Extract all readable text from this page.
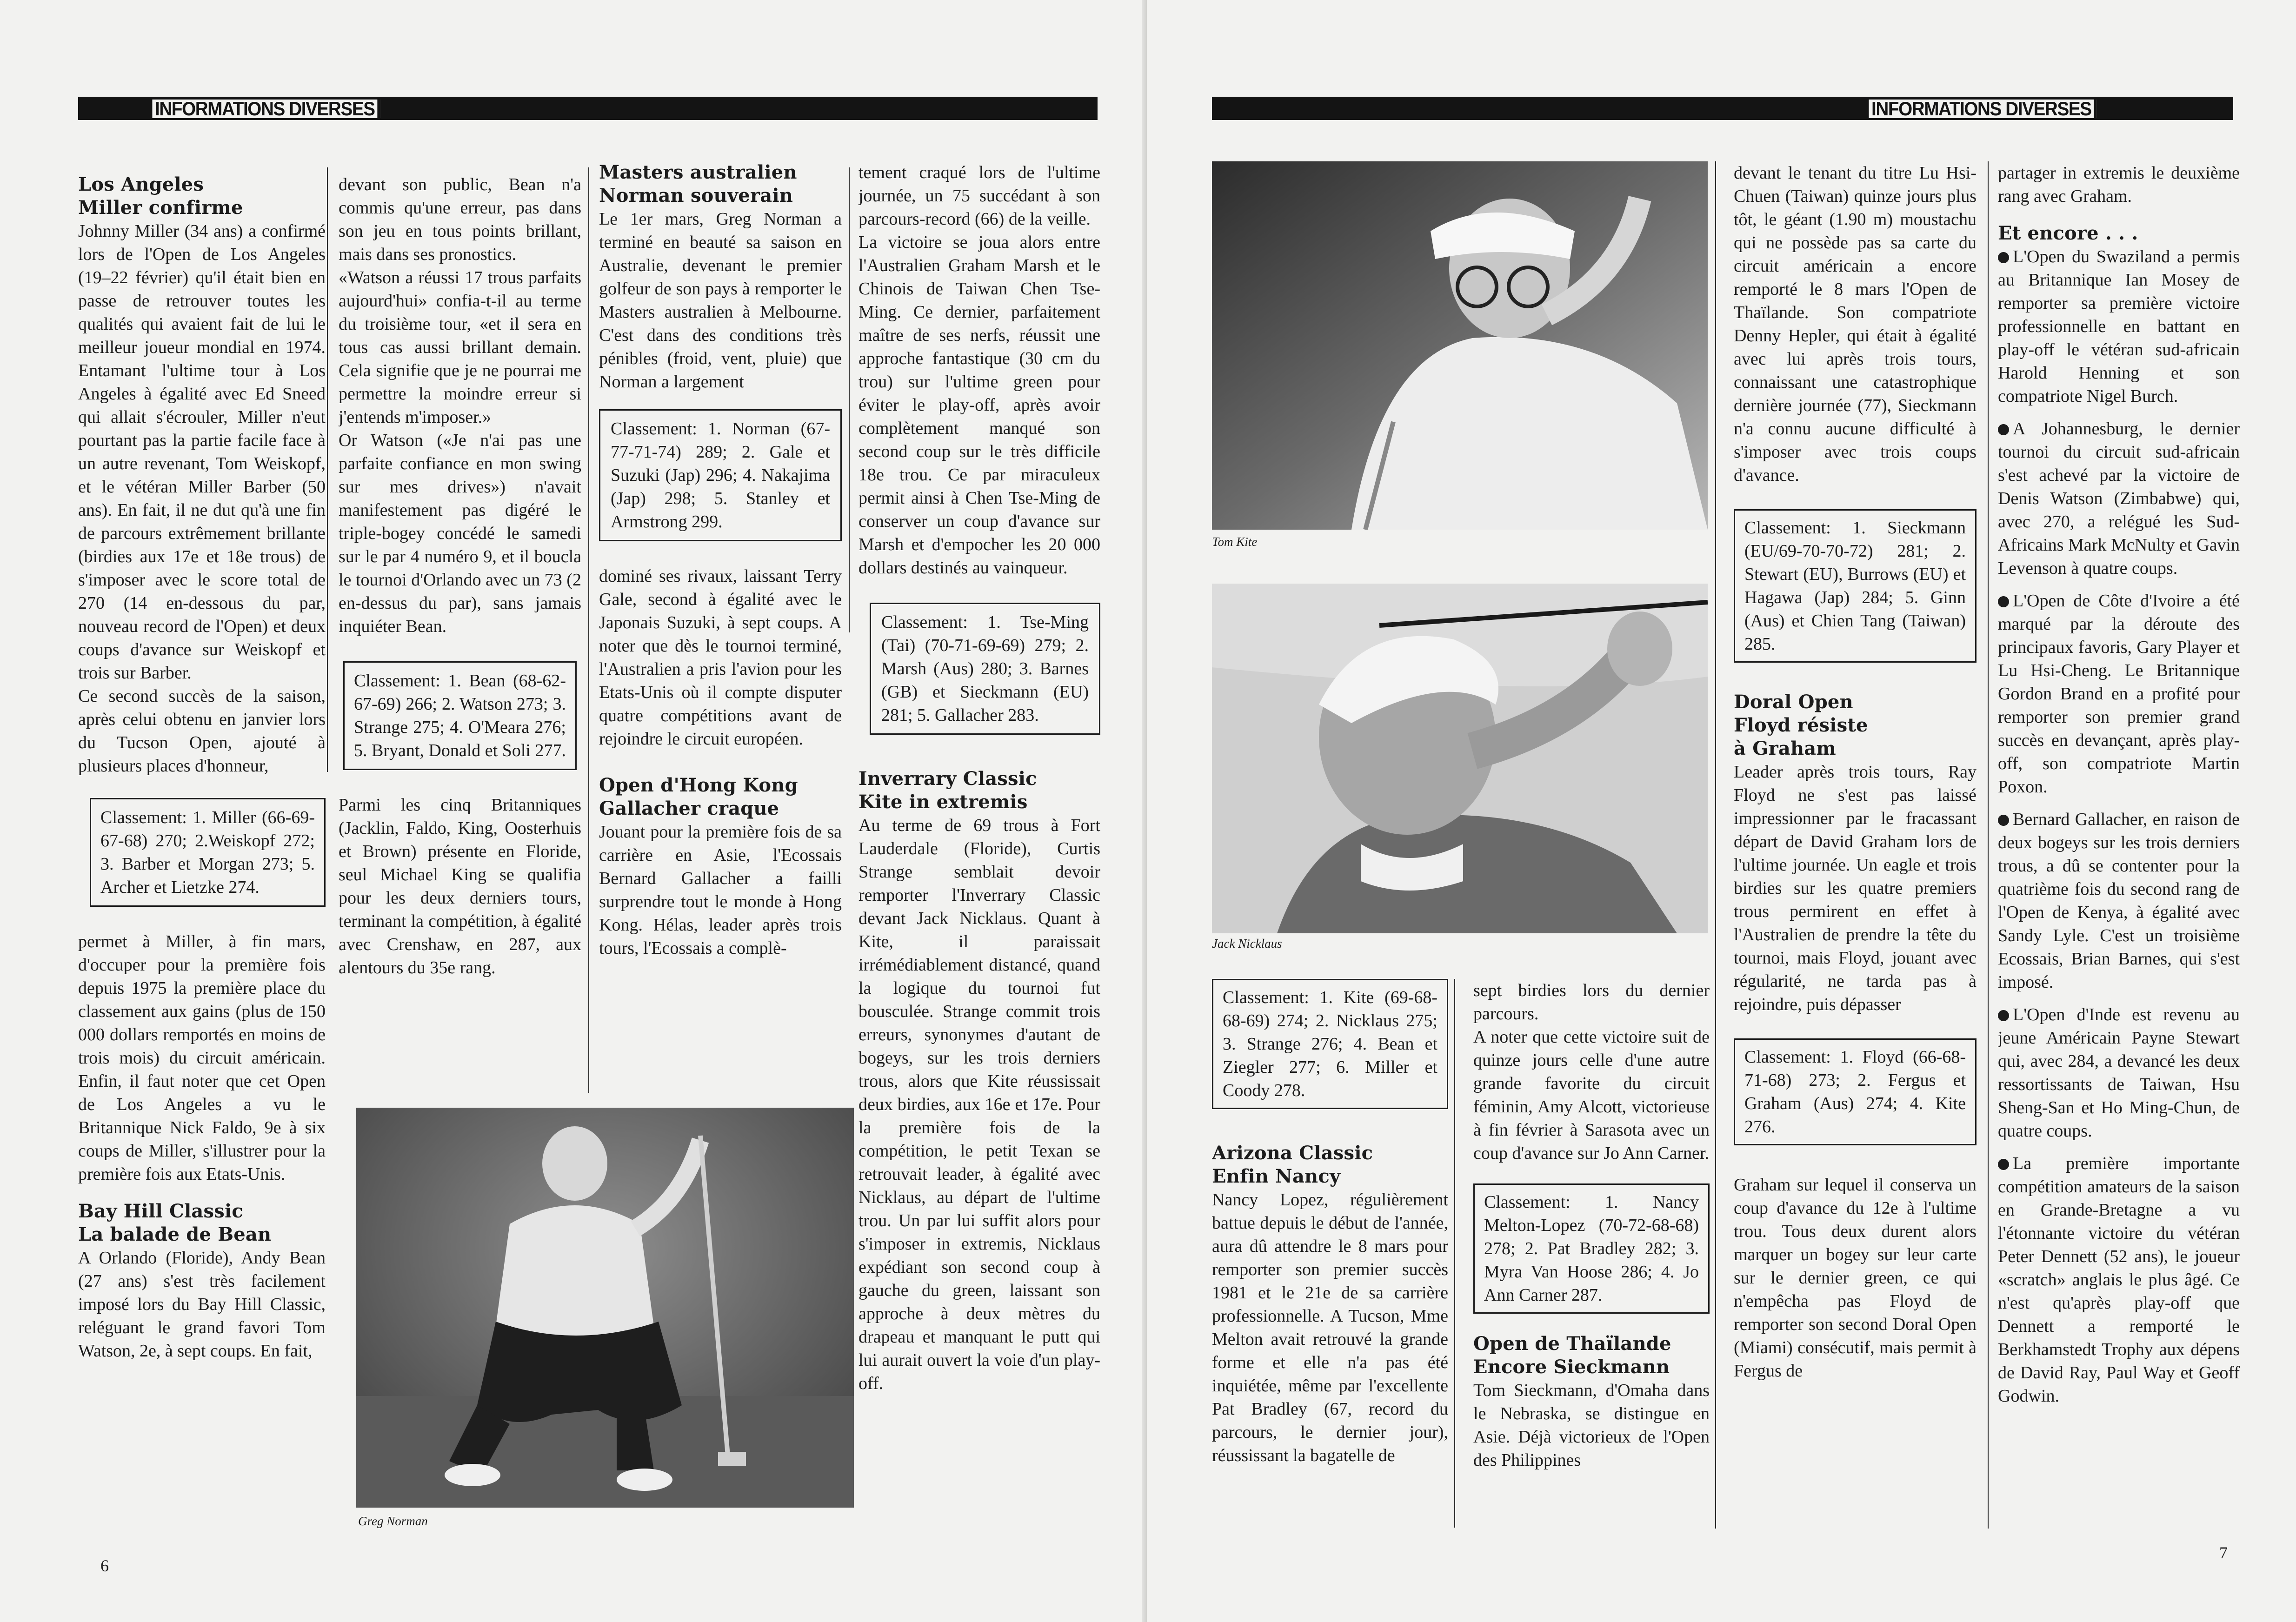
INFORMATIONS DIVERSES
Los Angeles
Miller confirme

Johnny Miller (34 ans) a confirmé lors de l'Open de Los Angeles (19–22 février) qu'il était bien en passe de retrouver toutes les qualités qui avaient fait de lui le meilleur joueur mondial en 1974. Entamant l'ultime tour à Los Angeles à égalité avec Ed Sneed qui allait s'écrouler, Miller n'eut pourtant pas la partie facile face à un autre revenant, Tom Weiskopf, et le vétéran Miller Barber (50 ans). En fait, il ne dut qu'à une fin de parcours extrêmement brillante (birdies aux 17e et 18e trous) de s'imposer avec le score total de 270 (14 en-dessous du par, nouveau record de l'Open) et deux coups d'avance sur Weiskopf et trois sur Barber.

Ce second succès de la saison, après celui obtenu en janvier lors du Tucson Open, ajouté à plusieurs places d'honneur,

Classement: 1. Miller (66-69-67-68) 270; 2.Weiskopf 272; 3. Barber et Morgan 273; 5. Archer et Lietzke 274.

permet à Miller, à fin mars, d'occuper pour la première fois depuis 1975 la première place du classement aux gains (plus de 150 000 dollars remportés en moins de trois mois) du circuit américain. Enfin, il faut noter que cet Open de Los Angeles a vu le Britannique Nick Faldo, 9e à six coups de Miller, s'illustrer pour la première fois aux Etats-Unis.

Bay Hill Classic
La balade de Bean

A Orlando (Floride), Andy Bean (27 ans) s'est très facilement imposé lors du Bay Hill Classic, reléguant le grand favori Tom Watson, 2e, à sept coups. En fait,

devant son public, Bean n'a commis qu'une erreur, pas dans son jeu en tous points brillant, mais dans ses pronostics.

«Watson a réussi 17 trous parfaits aujourd'hui» confia-t-il au terme du troisième tour, «et il sera en tous cas aussi brillant demain. Cela signifie que je ne pourrai me permettre la moindre erreur si j'entends m'imposer.»

Or Watson («Je n'ai pas une parfaite confiance en mon swing sur mes drives») n'avait manifestement pas digéré le triple-bogey concédé le samedi sur le par 4 numéro 9, et il boucla le tournoi d'Orlando avec un 73 (2 en-dessus du par), sans jamais inquiéter Bean.

Classement: 1. Bean (68-62-67-69) 266; 2. Watson 273; 3. Strange 275; 4. O'Meara 276; 5. Bryant, Donald et Soli 277.

Parmi les cinq Britanniques (Jacklin, Faldo, King, Oosterhuis et Brown) présente en Floride, seul Michael King se qualifia pour les deux derniers tours, terminant la compétition, à égalité avec Crenshaw, en 287, aux alentours du 35e rang.

Masters australien
Norman souverain

Le 1er mars, Greg Norman a terminé en beauté sa saison en Australie, devenant le premier golfeur de son pays à remporter le Masters australien à Melbourne. C'est dans des conditions très pénibles (froid, vent, pluie) que Norman a largement

Classement: 1. Norman (67-77-71-74) 289; 2. Gale et Suzuki (Jap) 296; 4. Nakajima (Jap) 298; 5. Stanley et Armstrong 299.

dominé ses rivaux, laissant Terry Gale, second à égalité avec le Japonais Suzuki, à sept coups. A noter que dès le tournoi terminé, l'Australien a pris l'avion pour les Etats-Unis où il compte disputer quatre compétitions avant de rejoindre le circuit européen.

Open d'Hong Kong
Gallacher craque

Jouant pour la première fois de sa carrière en Asie, l'Ecossais Bernard Gallacher a failli surprendre tout le monde à Hong Kong. Hélas, leader après trois tours, l'Ecossais a complè-

tement craqué lors de l'ultime journée, un 75 succédant à son parcours-record (66) de la veille.

La victoire se joua alors entre l'Australien Graham Marsh et le Chinois de Taiwan Chen Tse-Ming. Ce dernier, parfaitement maître de ses nerfs, réussit une approche fantastique (30 cm du trou) sur l'ultime green pour éviter le play-off, après avoir complètement manqué son second coup sur le très difficile 18e trou. Ce par miraculeux permit ainsi à Chen Tse-Ming de conserver un coup d'avance sur Marsh et d'empocher les 20 000 dollars destinés au vainqueur.

Classement: 1. Tse-Ming (Tai) (70-71-69-69) 279; 2. Marsh (Aus) 280; 3. Barnes (GB) et Sieckmann (EU) 281; 5. Gallacher 283.
Inverrary Classic
Kite in extremis

Au terme de 69 trous à Fort Lauderdale (Floride), Curtis Strange semblait devoir remporter l'Inverrary Classic devant Jack Nicklaus. Quant à Kite, il paraissait irrémédiablement distancé, quand la logique du tournoi fut bousculée. Strange commit trois erreurs, synonymes d'autant de bogeys, sur les trois derniers trous, alors que Kite réussissait deux birdies, aux 16e et 17e. Pour la première fois de la compétition, le petit Texan se retrouvait leader, à égalité avec Nicklaus, au départ de l'ultime trou. Un par lui suffit alors pour s'imposer in extremis, Nicklaus expédiant son second coup à gauche du green, laissant son approche à deux mètres du drapeau et manquant le putt qui lui aurait ouvert la voie d'un play-off.

Greg Norman
6
INFORMATIONS DIVERSES
Tom Kite
Jack Nicklaus
Classement: 1. Kite (69-68-68-69) 274; 2. Nicklaus 275; 3. Strange 276; 4. Bean et Ziegler 277; 6. Miller et Coody 278.
Arizona Classic
Enfin Nancy

Nancy Lopez, régulièrement battue depuis le début de l'année, aura dû attendre le 8 mars pour remporter son premier succès 1981 et le 21e de sa carrière professionnelle. A Tucson, Mme Melton avait retrouvé la grande forme et elle n'a pas été inquiétée, même par l'excellente Pat Bradley (67, record du parcours, le dernier jour), réussissant la bagatelle de

sept birdies lors du dernier parcours.

A noter que cette victoire suit de quinze jours celle d'une autre grande favorite du circuit féminin, Amy Alcott, victorieuse à fin février à Sarasota avec un coup d'avance sur Jo Ann Carner.

Classement: 1. Nancy Melton-Lopez (70-72-68-68) 278; 2. Pat Bradley 282; 3. Myra Van Hoose 286; 4. Jo Ann Carner 287.
Open de Thaïlande
Encore Sieckmann

Tom Sieckmann, d'Omaha dans le Nebraska, se distingue en Asie. Déjà victorieux de l'Open des Philippines

devant le tenant du titre Lu Hsi-Chuen (Taiwan) quinze jours plus tôt, le géant (1.90 m) moustachu qui ne possède pas sa carte du circuit américain a encore remporté le 8 mars l'Open de Thaïlande. Son compatriote Denny Hepler, qui était à égalité avec lui après trois tours, connaissant une catastrophique dernière journée (77), Sieckmann n'a connu aucune difficulté à s'imposer avec trois coups d'avance.

Classement: 1. Sieckmann (EU/69-70-70-72) 281; 2. Stewart (EU), Burrows (EU) et Hagawa (Jap) 284; 5. Ginn (Aus) et Chien Tang (Taiwan) 285.
Doral Open
Floyd résiste
à Graham

Leader après trois tours, Ray Floyd ne s'est pas laissé impressionner par le fracassant départ de David Graham lors de l'ultime journée. Un eagle et trois birdies sur les quatre premiers trous permirent en effet à l'Australien de prendre la tête du tournoi, mais Floyd, jouant avec régularité, ne tarda pas à rejoindre, puis dépasser

Classement: 1. Floyd (66-68-71-68) 273; 2. Fergus et Graham (Aus) 274; 4. Kite 276.

Graham sur lequel il conserva un coup d'avance du 12e à l'ultime trou. Tous deux durent alors marquer un bogey sur leur carte sur le dernier green, ce qui n'empêcha pas Floyd de remporter son second Doral Open (Miami) consécutif, mais permit à Fergus de

partager in extremis le deuxième rang avec Graham.

Et encore . . .

L'Open du Swaziland a permis au Britannique Ian Mosey de remporter sa première victoire professionnelle en battant en play-off le vétéran sud-africain Harold Henning et son compatriote Nigel Burch.

A Johannesburg, le dernier tournoi du circuit sud-africain s'est achevé par la victoire de Denis Watson (Zimbabwe) qui, avec 270, a relégué les Sud-Africains Mark McNulty et Gavin Levenson à quatre coups.

L'Open de Côte d'Ivoire a été marqué par la déroute des principaux favoris, Gary Player et Lu Hsi-Cheng. Le Britannique Gordon Brand en a profité pour remporter son premier grand succès en devançant, après play-off, son compatriote Martin Poxon.

Bernard Gallacher, en raison de deux bogeys sur les trois derniers trous, a dû se contenter pour la quatrième fois du second rang de l'Open de Kenya, à égalité avec Sandy Lyle. C'est un troisième Ecossais, Brian Barnes, qui s'est imposé.

L'Open d'Inde est revenu au jeune Américain Payne Stewart qui, avec 284, a devancé les deux ressortissants de Taiwan, Hsu Sheng-San et Ho Ming-Chun, de quatre coups.

La première importante compétition amateurs de la saison en Grande-Bretagne a vu l'étonnante victoire du vétéran Peter Dennett (52 ans), le joueur «scratch» anglais le plus âgé. Ce n'est qu'après play-off que Dennett a remporté le Berkhamstedt Trophy aux dépens de David Ray, Paul Way et Geoff Godwin.

7
